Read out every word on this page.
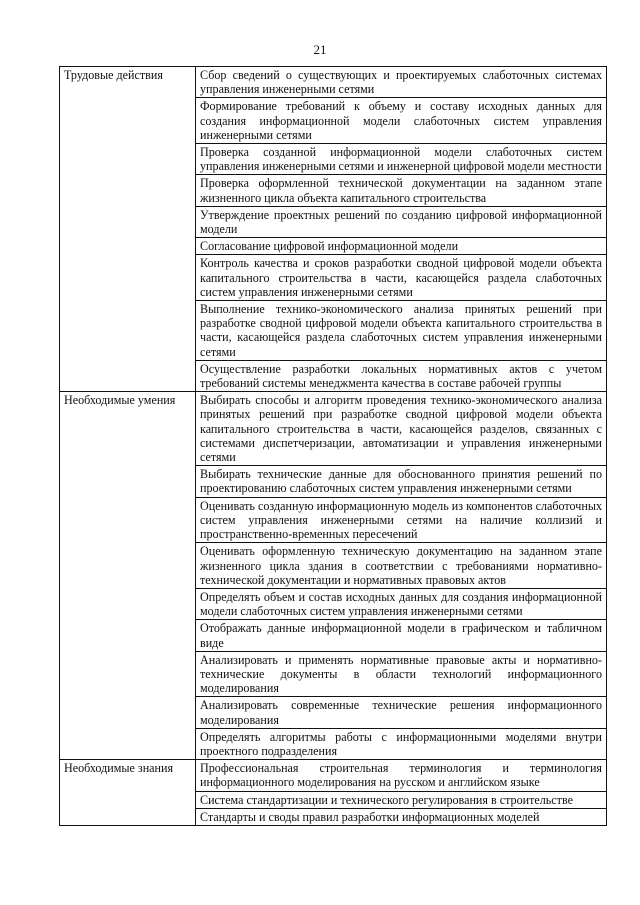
21
Трудовые действия	Сбор сведений о существующих и проектируемых слаботочных системах управления инженерными сетями
	Формирование требований к объему и составу исходных данных для создания информационной модели слаботочных систем управления инженерными сетями
	Проверка созданной информационной модели слаботочных систем управления инженерными сетями и инженерной цифровой модели местности
	Проверка оформленной технической документации на заданном этапе жизненного цикла объекта капитального строительства
	Утверждение проектных решений по созданию цифровой информационной модели
	Согласование цифровой информационной модели
	Контроль качества и сроков разработки сводной цифровой модели объекта капитального строительства в части, касающейся раздела слаботочных систем управления инженерными сетями
	Выполнение технико-экономического анализа принятых решений при разработке сводной цифровой модели объекта капитального строительства в части, касающейся раздела слаботочных систем управления инженерными сетями
	Осуществление разработки локальных нормативных актов с учетом требований системы менеджмента качества в составе рабочей группы
Необходимые умения	Выбирать способы и алгоритм проведения технико-экономического анализа принятых решений при разработке сводной цифровой модели объекта капитального строительства в части, касающейся разделов, связанных с системами диспетчеризации, автоматизации и управления инженерными сетями
	Выбирать технические данные для обоснованного принятия решений по проектированию слаботочных систем управления инженерными сетями
	Оценивать созданную информационную модель из компонентов слаботочных систем управления инженерными сетями на наличие коллизий и пространственно-временных пересечений
	Оценивать оформленную техническую документацию на заданном этапе жизненного цикла здания в соответствии с требованиями нормативно-технической документации и нормативных правовых актов
	Определять объем и состав исходных данных для создания информационной модели слаботочных систем управления инженерными сетями
	Отображать данные информационной модели в графическом и табличном виде
	Анализировать и применять нормативные правовые акты и нормативно-технические документы в области технологий информационного моделирования
	Анализировать современные технические решения информационного моделирования
	Определять алгоритмы работы с информационными моделями внутри проектного подразделения
Необходимые знания	Профессиональная строительная терминология и терминология информационного моделирования на русском и английском языке
	Система стандартизации и технического регулирования в строительстве
	Стандарты и своды правил разработки информационных моделей
